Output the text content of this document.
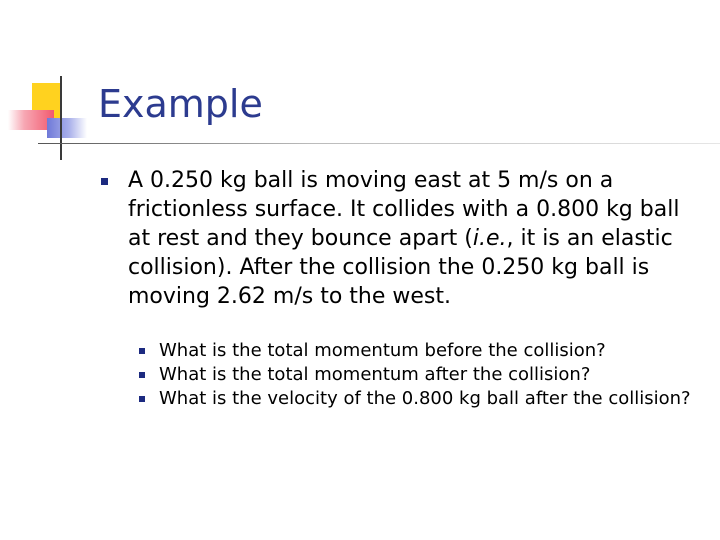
Example

A 0.250 kg ball is moving east at 5 m/s on a frictionless surface. It collides with a 0.800 kg ball at rest and they bounce apart (i.e., it is an elastic collision). After the collision the 0.250 kg ball is moving 2.62 m/s to the west.

What is the total momentum before the collision?
What is the total momentum after the collision?
What is the velocity of the 0.800 kg ball after the collision?
